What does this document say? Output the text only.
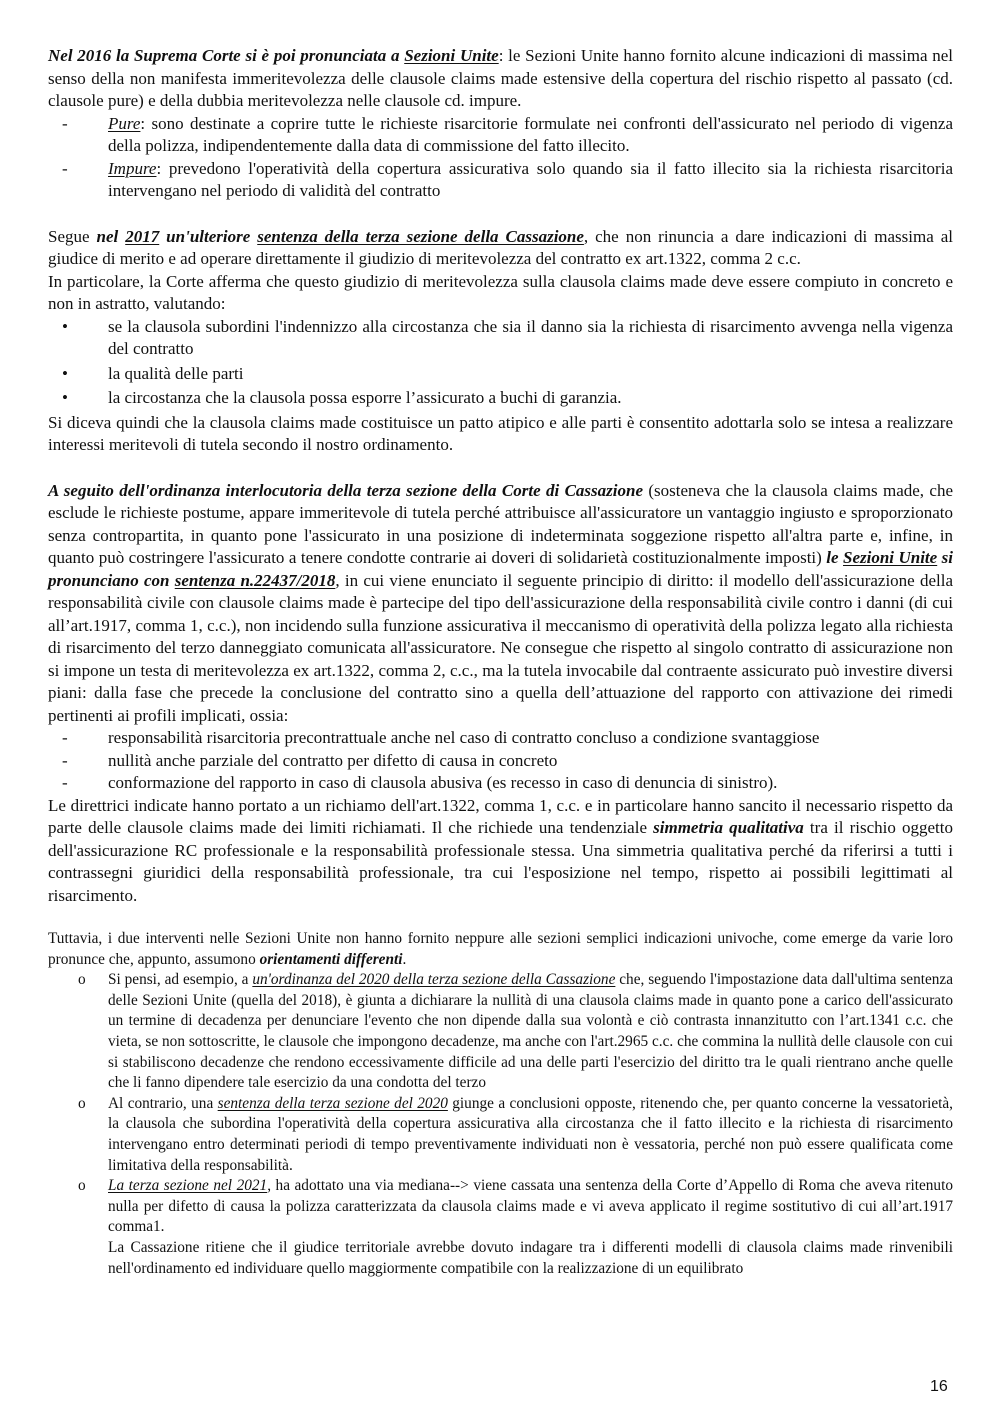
Nel 2016 la Suprema Corte si è poi pronunciata a Sezioni Unite: le Sezioni Unite hanno fornito alcune indicazioni di massima nel senso della non manifesta immeritevolezza delle clausole claims made estensive della copertura del rischio rispetto al passato (cd. clausole pure) e della dubbia meritevolezza nelle clausole cd. impure.

- Pure: sono destinate a coprire tutte le richieste risarcitorie formulate nei confronti dell'assicurato nel periodo di vigenza della polizza, indipendentemente dalla data di commissione del fatto illecito.
- Impure: prevedono l'operatività della copertura assicurativa solo quando sia il fatto illecito sia la richiesta risarcitoria intervengano nel periodo di validità del contratto

Segue nel 2017 un'ulteriore sentenza della terza sezione della Cassazione, che non rinuncia a dare indicazioni di massima al giudice di merito e ad operare direttamente il giudizio di meritevolezza del contratto ex art.1322, comma 2 c.c.

In particolare, la Corte afferma che questo giudizio di meritevolezza sulla clausola claims made deve essere compiuto in concreto e non in astratto, valutando:

• se la clausola subordini l'indennizzo alla circostanza che sia il danno sia la richiesta di risarcimento avvenga nella vigenza del contratto
• la qualità delle parti
• la circostanza che la clausola possa esporre l’assicurato a buchi di garanzia.

Si diceva quindi che la clausola claims made costituisce un patto atipico e alle parti è consentito adottarla solo se intesa a realizzare interessi meritevoli di tutela secondo il nostro ordinamento.

A seguito dell'ordinanza interlocutoria della terza sezione della Corte di Cassazione (sosteneva che la clausola claims made, che esclude le richieste postume, appare immeritevole di tutela perché attribuisce all'assicuratore un vantaggio ingiusto e sproporzionato senza contropartita, in quanto pone l'assicurato in una posizione di indeterminata soggezione rispetto all'altra parte e, infine, in quanto può costringere l'assicurato a tenere condotte contrarie ai doveri di solidarietà costituzionalmente imposti) le Sezioni Unite si pronunciano con sentenza n.22437/2018, in cui viene enunciato il seguente principio di diritto: il modello dell'assicurazione della responsabilità civile con clausole claims made è partecipe del tipo dell'assicurazione della responsabilità civile contro i danni (di cui all’art.1917, comma 1, c.c.), non incidendo sulla funzione assicurativa il meccanismo di operatività della polizza legato alla richiesta di risarcimento del terzo danneggiato comunicata all'assicuratore. Ne consegue che rispetto al singolo contratto di assicurazione non si impone un testa di meritevolezza ex art.1322, comma 2, c.c., ma la tutela invocabile dal contraente assicurato può investire diversi piani: dalla fase che precede la conclusione del contratto sino a quella dell’attuazione del rapporto con attivazione dei rimedi pertinenti ai profili implicati, ossia:

- responsabilità risarcitoria precontrattuale anche nel caso di contratto concluso a condizione svantaggiose
- nullità anche parziale del contratto per difetto di causa in concreto
- conformazione del rapporto in caso di clausola abusiva (es recesso in caso di denuncia di sinistro).

Le direttrici indicate hanno portato a un richiamo dell'art.1322, comma 1, c.c. e in particolare hanno sancito il necessario rispetto da parte delle clausole claims made dei limiti richiamati. Il che richiede una tendenziale simmetria qualitativa tra il rischio oggetto dell'assicurazione RC professionale e la responsabilità professionale stessa. Una simmetria qualitativa perché da riferirsi a tutti i contrassegni giuridici della responsabilità professionale, tra cui l'esposizione nel tempo, rispetto ai possibili legittimati al risarcimento.

Tuttavia, i due interventi nelle Sezioni Unite non hanno fornito neppure alle sezioni semplici indicazioni univoche, come emerge da varie loro pronunce che, appunto, assumono orientamenti differenti.

o Si pensi, ad esempio, a un'ordinanza del 2020 della terza sezione della Cassazione che, seguendo l'impostazione data dall'ultima sentenza delle Sezioni Unite (quella del 2018), è giunta a dichiarare la nullità di una clausola claims made in quanto pone a carico dell'assicurato un termine di decadenza per denunciare l'evento che non dipende dalla sua volontà e ciò contrasta innanzitutto con l’art.1341 c.c. che vieta, se non sottoscritte, le clausole che impongono decadenze, ma anche con l'art.2965 c.c. che commina la nullità delle clausole con cui si stabiliscono decadenze che rendono eccessivamente difficile ad una delle parti l'esercizio del diritto tra le quali rientrano anche quelle che li fanno dipendere tale esercizio da una condotta del terzo
o Al contrario, una sentenza della terza sezione del 2020 giunge a conclusioni opposte, ritenendo che, per quanto concerne la vessatorietà, la clausola che subordina l'operatività della copertura assicurativa alla circostanza che il fatto illecito e la richiesta di risarcimento intervengano entro determinati periodi di tempo preventivamente individuati non è vessatoria, perché non può essere qualificata come limitativa della responsabilità.
o La terza sezione nel 2021, ha adottato una via mediana--> viene cassata una sentenza della Corte d’Appello di Roma che aveva ritenuto nulla per difetto di causa la polizza caratterizzata da clausola claims made e vi aveva applicato il regime sostitutivo di cui all’art.1917 comma1.
La Cassazione ritiene che il giudice territoriale avrebbe dovuto indagare tra i differenti modelli di clausola claims made rinvenibili nell'ordinamento ed individuare quello maggiormente compatibile con la realizzazione di un equilibrato
16
